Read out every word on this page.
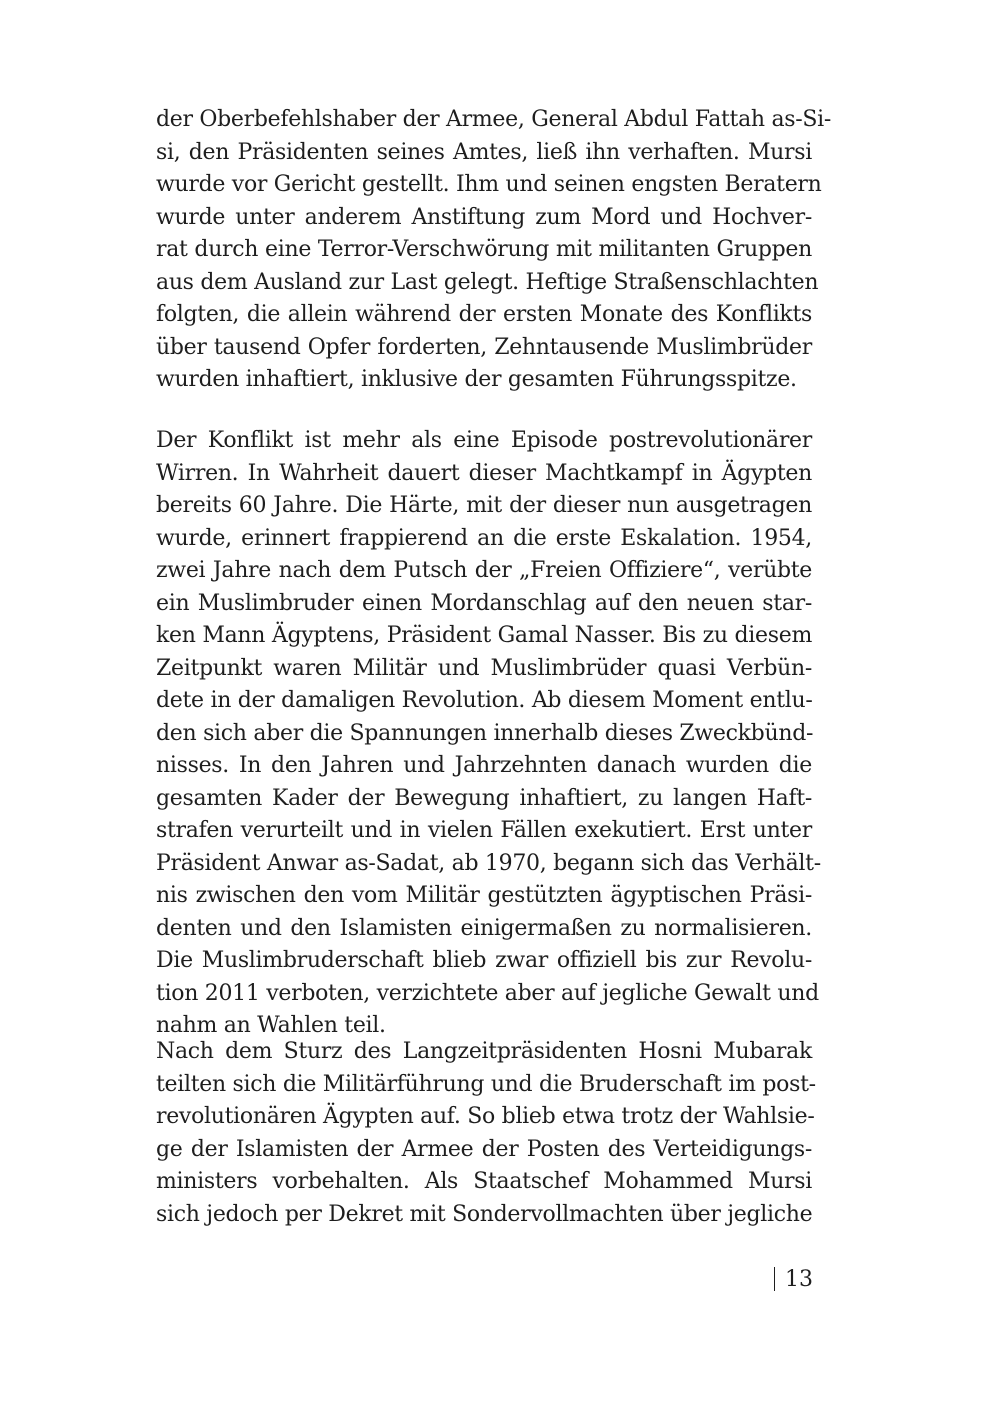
der Oberbefehlshaber der Armee, General Abdul Fattah as-Si-
si, den Präsidenten seines Amtes, ließ ihn verhaften. Mursi
wurde vor Gericht gestellt. Ihm und seinen engsten Beratern
wurde unter anderem Anstiftung zum Mord und Hochver-
rat durch eine Terror-Verschwörung mit militanten Gruppen
aus dem Ausland zur Last gelegt. Heftige Straßenschlachten
folgten, die allein während der ersten Monate des Konflikts
über tausend Opfer forderten, Zehntausende Muslimbrüder
wurden inhaftiert, inklusive der gesamten Führungsspitze.
Der Konflikt ist mehr als eine Episode postrevolutionärer
Wirren. In Wahrheit dauert dieser Machtkampf in Ägypten
bereits 60 Jahre. Die Härte, mit der dieser nun ausgetragen
wurde, erinnert frappierend an die erste Eskalation. 1954,
zwei Jahre nach dem Putsch der „Freien Offiziere“, verübte
ein Muslimbruder einen Mordanschlag auf den neuen star-
ken Mann Ägyptens, Präsident Gamal Nasser. Bis zu diesem
Zeitpunkt waren Militär und Muslimbrüder quasi Verbün-
dete in der damaligen Revolution. Ab diesem Moment entlu-
den sich aber die Spannungen innerhalb dieses Zweckbünd-
nisses. In den Jahren und Jahrzehnten danach wurden die
gesamten Kader der Bewegung inhaftiert, zu langen Haft-
strafen verurteilt und in vielen Fällen exekutiert. Erst unter
Präsident Anwar as-Sadat, ab 1970, begann sich das Verhält-
nis zwischen den vom Militär gestützten ägyptischen Präsi-
denten und den Islamisten einigermaßen zu normalisieren.
Die Muslimbruderschaft blieb zwar offiziell bis zur Revolu-
tion 2011 verboten, verzichtete aber auf jegliche Gewalt und
nahm an Wahlen teil.
Nach dem Sturz des Langzeitpräsidenten Hosni Mubarak
teilten sich die Militärführung und die Bruderschaft im post-
revolutionären Ägypten auf. So blieb etwa trotz der Wahlsie-
ge der Islamisten der Armee der Posten des Verteidigungs-
ministers vorbehalten. Als Staatschef Mohammed Mursi
sich jedoch per Dekret mit Sondervollmachten über jegliche
13
